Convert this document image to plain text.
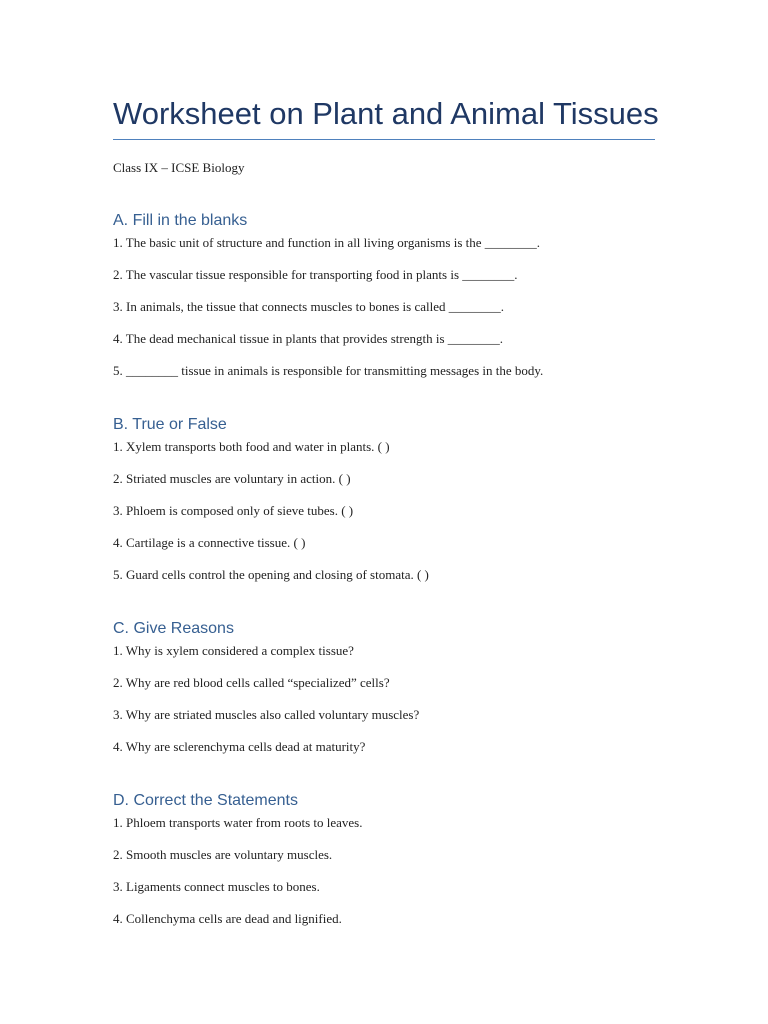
Worksheet on Plant and Animal Tissues
Class IX – ICSE Biology
A. Fill in the blanks
1. The basic unit of structure and function in all living organisms is the ________.
2. The vascular tissue responsible for transporting food in plants is ________.
3. In animals, the tissue that connects muscles to bones is called ________.
4. The dead mechanical tissue in plants that provides strength is ________.
5. ________ tissue in animals is responsible for transmitting messages in the body.
B. True or False
1. Xylem transports both food and water in plants. ( )
2. Striated muscles are voluntary in action. ( )
3. Phloem is composed only of sieve tubes. ( )
4. Cartilage is a connective tissue. ( )
5. Guard cells control the opening and closing of stomata. ( )
C. Give Reasons
1. Why is xylem considered a complex tissue?
2. Why are red blood cells called “specialized” cells?
3. Why are striated muscles also called voluntary muscles?
4. Why are sclerenchyma cells dead at maturity?
D. Correct the Statements
1. Phloem transports water from roots to leaves.
2. Smooth muscles are voluntary muscles.
3. Ligaments connect muscles to bones.
4. Collenchyma cells are dead and lignified.
